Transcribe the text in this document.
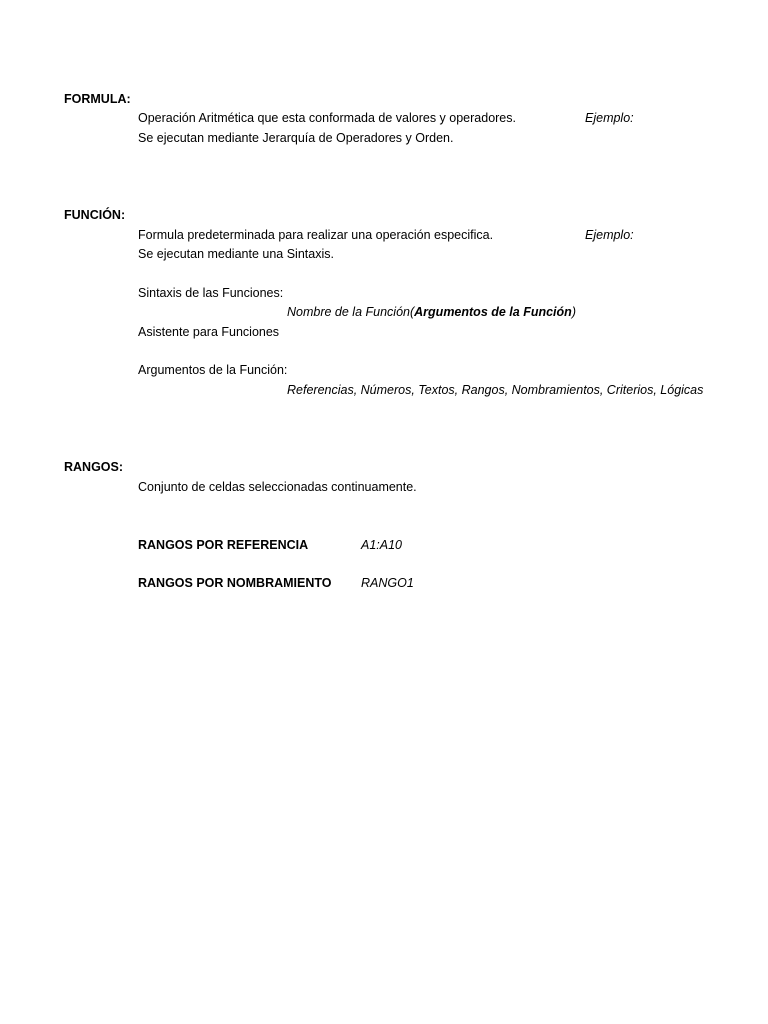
FORMULA:
Operación Aritmética que esta conformada de valores y operadores.	Ejemplo:
Se ejecutan mediante Jerarquía de Operadores y Orden.
FUNCIÓN:
Formula predeterminada para realizar una operación especifica.	Ejemplo:
Se ejecutan mediante una Sintaxis.
Sintaxis de las Funciones:
Nombre de la Función(Argumentos de la Función)
Asistente para Funciones
Argumentos de la Función:
Referencias, Números, Textos, Rangos, Nombramientos, Criterios, Lógicas
RANGOS:
Conjunto de celdas seleccionadas continuamente.
RANGOS POR REFERENCIA	A1:A10
RANGOS POR NOMBRAMIENTO RANGO1
